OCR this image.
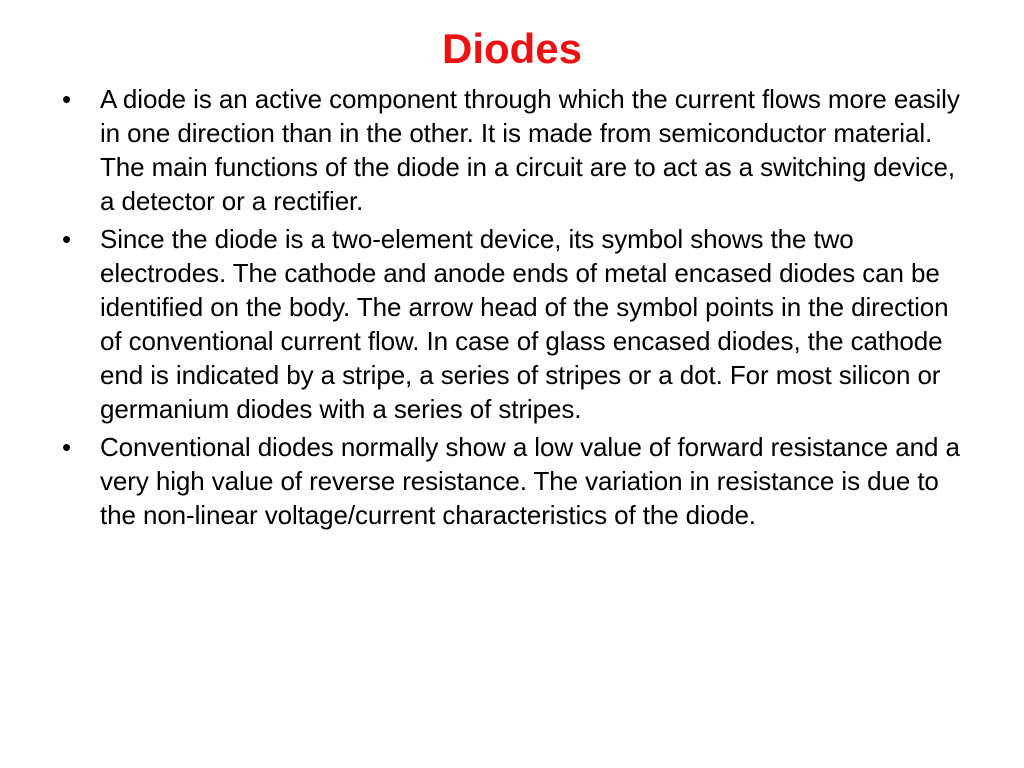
Diodes
•	A diode is an active component through which the current flows more easily in one direction than in the other. It is made from semiconductor material. The main functions of the diode in a circuit are to act as a switching device, a detector or a rectifier.
•	Since the diode is a two-element device, its symbol shows the two electrodes. The cathode and anode ends of metal encased diodes can be identified on the body. The arrow head of the symbol points in the direction of conventional current flow. In case of glass encased diodes, the cathode end is indicated by a stripe, a series of stripes or a dot. For most silicon or germanium diodes with a series of stripes.
•	Conventional diodes normally show a low value of forward resistance and a very high value of reverse resistance. The variation in resistance is due to the non-linear voltage/current characteristics of the diode.
